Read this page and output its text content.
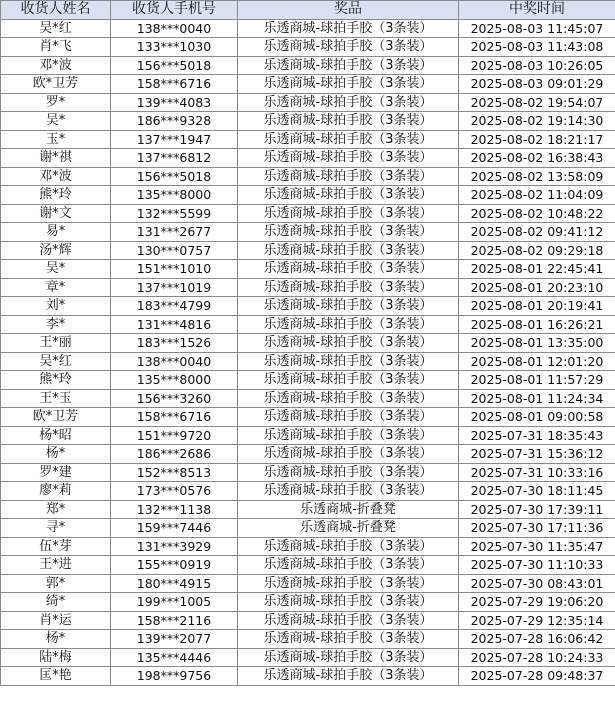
收货人姓名	收货人手机号	奖品	中奖时间
吴*红	138***0040	乐透商城-球拍手胶（3条装）	2025-08-03 11:45:07
肖*飞	133***1030	乐透商城-球拍手胶（3条装）	2025-08-03 11:43:08
邓*波	156***5018	乐透商城-球拍手胶（3条装）	2025-08-03 10:26:05
欧*卫芳	158***6716	乐透商城-球拍手胶（3条装）	2025-08-03 09:01:29
罗*	139***4083	乐透商城-球拍手胶（3条装）	2025-08-02 19:54:07
吴*	186***9328	乐透商城-球拍手胶（3条装）	2025-08-02 19:14:30
玉*	137***1947	乐透商城-球拍手胶（3条装）	2025-08-02 18:21:17
谢*祺	137***6812	乐透商城-球拍手胶（3条装）	2025-08-02 16:38:43
邓*波	156***5018	乐透商城-球拍手胶（3条装）	2025-08-02 13:58:09
熊*玲	135***8000	乐透商城-球拍手胶（3条装）	2025-08-02 11:04:09
谢*文	132***5599	乐透商城-球拍手胶（3条装）	2025-08-02 10:48:22
易*	131***2677	乐透商城-球拍手胶（3条装）	2025-08-02 09:41:12
汤*辉	130***0757	乐透商城-球拍手胶（3条装）	2025-08-02 09:29:18
吴*	151***1010	乐透商城-球拍手胶（3条装）	2025-08-01 22:45:41
章*	137***1019	乐透商城-球拍手胶（3条装）	2025-08-01 20:23:10
刘*	183***4799	乐透商城-球拍手胶（3条装）	2025-08-01 20:19:41
李*	131***4816	乐透商城-球拍手胶（3条装）	2025-08-01 16:26:21
王*丽	183***1526	乐透商城-球拍手胶（3条装）	2025-08-01 13:35:00
吴*红	138***0040	乐透商城-球拍手胶（3条装）	2025-08-01 12:01:20
熊*玲	135***8000	乐透商城-球拍手胶（3条装）	2025-08-01 11:57:29
王*玉	156***3260	乐透商城-球拍手胶（3条装）	2025-08-01 11:24:34
欧*卫芳	158***6716	乐透商城-球拍手胶（3条装）	2025-08-01 09:00:58
杨*昭	151***9720	乐透商城-球拍手胶（3条装）	2025-07-31 18:35:43
杨*	186***2686	乐透商城-球拍手胶（3条装）	2025-07-31 15:36:12
罗*建	152***8513	乐透商城-球拍手胶（3条装）	2025-07-31 10:33:16
廖*莉	173***0576	乐透商城-球拍手胶（3条装）	2025-07-30 18:11:45
郑*	132***1138	乐透商城-折叠凳	2025-07-30 17:39:11
寻*	159***7446	乐透商城-折叠凳	2025-07-30 17:11:36
伍*芽	131***3929	乐透商城-球拍手胶（3条装）	2025-07-30 11:35:47
王*进	155***0919	乐透商城-球拍手胶（3条装）	2025-07-30 11:10:33
郭*	180***4915	乐透商城-球拍手胶（3条装）	2025-07-30 08:43:01
绮*	199***1005	乐透商城-球拍手胶（3条装）	2025-07-29 19:06:20
肖*运	158***2116	乐透商城-球拍手胶（3条装）	2025-07-29 12:35:14
杨*	139***2077	乐透商城-球拍手胶（3条装）	2025-07-28 16:06:42
陆*梅	135***4446	乐透商城-球拍手胶（3条装）	2025-07-28 10:24:33
匡*艳	198***9756	乐透商城-球拍手胶（3条装）	2025-07-28 09:48:37
